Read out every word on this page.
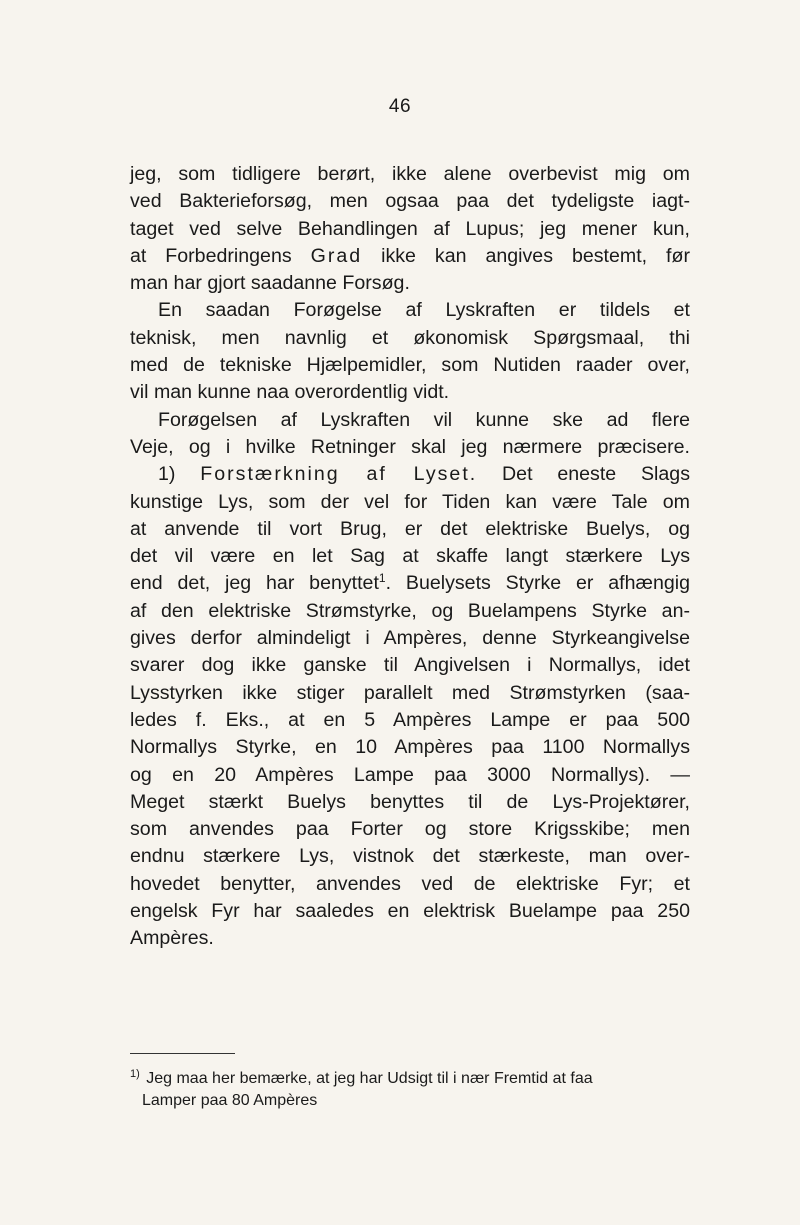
46
jeg, som tidligere berørt, ikke alene overbevist mig om
ved Bakterieforsøg, men ogsaa paa det tydeligste iagt-
taget ved selve Behandlingen af Lupus; jeg mener kun,
at Forbedringens Grad ikke kan angives bestemt, før
man har gjort saadanne Forsøg.
En saadan Forøgelse af Lyskraften er tildels et
teknisk, men navnlig et økonomisk Spørgsmaal, thi
med de tekniske Hjælpemidler, som Nutiden raader over,
vil man kunne naa overordentlig vidt.
Forøgelsen af Lyskraften vil kunne ske ad flere
Veje, og i hvilke Retninger skal jeg nærmere præcisere.
1) Forstærkning af Lyset. Det eneste Slags
kunstige Lys, som der vel for Tiden kan være Tale om
at anvende til vort Brug, er det elektriske Buelys, og
det vil være en let Sag at skaffe langt stærkere Lys
end det, jeg har benyttet$^1$. Buelysets Styrke er afhængig
af den elektriske Strømstyrke, og Buelampens Styrke an-
gives derfor almindeligt i Ampères, denne Styrkeangivelse
svarer dog ikke ganske til Angivelsen i Normallys, idet
Lysstyrken ikke stiger parallelt med Strømstyrken (saa-
ledes f. Eks., at en 5 Ampères Lampe er paa 500
Normallys Styrke, en 10 Ampères paa 1100 Normallys
og en 20 Ampères Lampe paa 3000 Normallys). —
Meget stærkt Buelys benyttes til de Lys-Projektører,
som anvendes paa Forter og store Krigsskibe; men
endnu stærkere Lys, vistnok det stærkeste, man over-
hovedet benytter, anvendes ved de elektriske Fyr; et
engelsk Fyr har saaledes en elektrisk Buelampe paa 250
Ampères.
$^{1)}$ Jeg maa her bemærke, at jeg har Udsigt til i nær Fremtid at faa
Lamper paa 80 Ampères
